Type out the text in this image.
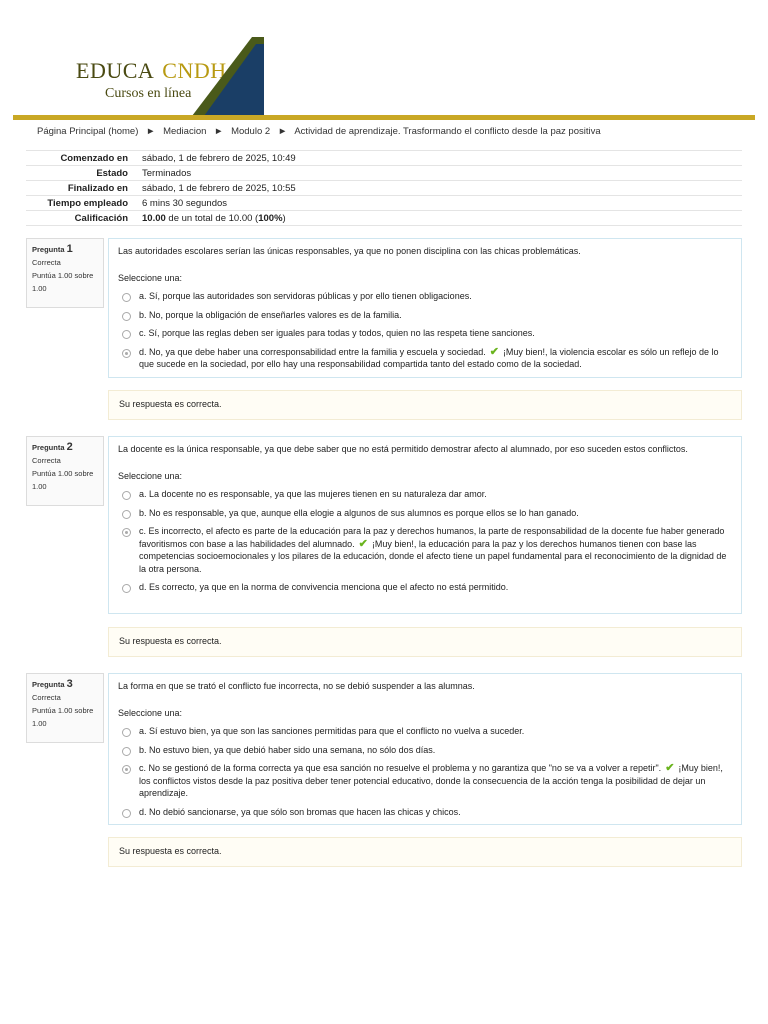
EDUCA CNDH
Cursos en línea
Página Principal (home) ► Mediacion ► Modulo 2 ► Actividad de aprendizaje. Trasformando el conflicto desde la paz positiva
Comenzado en	sábado, 1 de febrero de 2025, 10:49
Estado	Terminados
Finalizado en	sábado, 1 de febrero de 2025, 10:55
Tiempo empleado	6 mins 30 segundos
Calificación	10.00 de un total de 10.00 (100%)
Pregunta 1
Correcta
Puntúa 1.00 sobre 1.00
Las autoridades escolares serían las únicas responsables, ya que no ponen disciplina con las chicas problemáticas.
Seleccione una:
a. Sí, porque las autoridades son servidoras públicas y por ello tienen obligaciones.
b. No, porque la obligación de enseñarles valores es de la familia.
c. Sí, porque las reglas deben ser iguales para todas y todos, quien no las respeta tiene sanciones.
d. No, ya que debe haber una corresponsabilidad entre la familia y escuela y sociedad. ✔ ¡Muy bien!, la violencia escolar es sólo un reflejo de lo que sucede en la sociedad, por ello hay una responsabilidad compartida tanto del estado como de la sociedad.
Su respuesta es correcta.
Pregunta 2
Correcta
Puntúa 1.00 sobre 1.00
La docente es la única responsable, ya que debe saber que no está permitido demostrar afecto al alumnado, por eso suceden estos conflictos.
Seleccione una:
a. La docente no es responsable, ya que las mujeres tienen en su naturaleza dar amor.
b. No es responsable, ya que, aunque ella elogie a algunos de sus alumnos es porque ellos se lo han ganado.
c. Es incorrecto, el afecto es parte de la educación para la paz y derechos humanos, la parte de responsabilidad de la docente fue haber generado favoritismos con base a las habilidades del alumnado. ✔ ¡Muy bien!, la educación para la paz y los derechos humanos tienen con base las competencias socioemocionales y los pilares de la educación, donde el afecto tiene un papel fundamental para el reconocimiento de la dignidad de la otra persona.
d. Es correcto, ya que en la norma de convivencia menciona que el afecto no está permitido.
Su respuesta es correcta.
Pregunta 3
Correcta
Puntúa 1.00 sobre 1.00
La forma en que se trató el conflicto fue incorrecta, no se debió suspender a las alumnas.
Seleccione una:
a. Sí estuvo bien, ya que son las sanciones permitidas para que el conflicto no vuelva a suceder.
b. No estuvo bien, ya que debió haber sido una semana, no sólo dos días.
c. No se gestionó de la forma correcta ya que esa sanción no resuelve el problema y no garantiza que "no se va a volver a repetir". ✔ ¡Muy bien!, los conflictos vistos desde la paz positiva deber tener potencial educativo, donde la consecuencia de la acción tenga la posibilidad de dejar un aprendizaje.
d. No debió sancionarse, ya que sólo son bromas que hacen las chicas y chicos.
Su respuesta es correcta.
